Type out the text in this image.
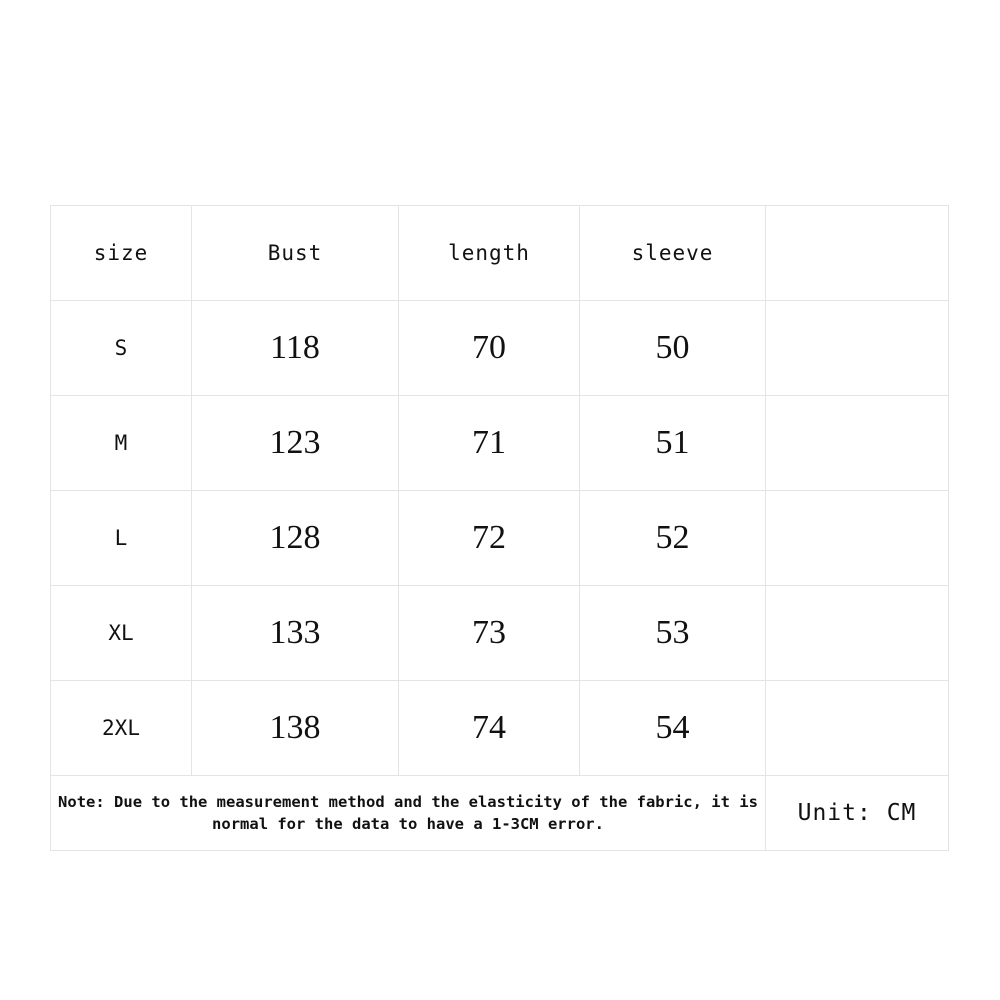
size	Bust	length	sleeve	
S	118	70	50	
M	123	71	51	
L	128	72	52	
XL	133	73	53	
2XL	138	74	54	
Note: Due to the measurement method and the elasticity of the fabric, it is normal for the data to have a 1-3CM error.				Unit: CM
